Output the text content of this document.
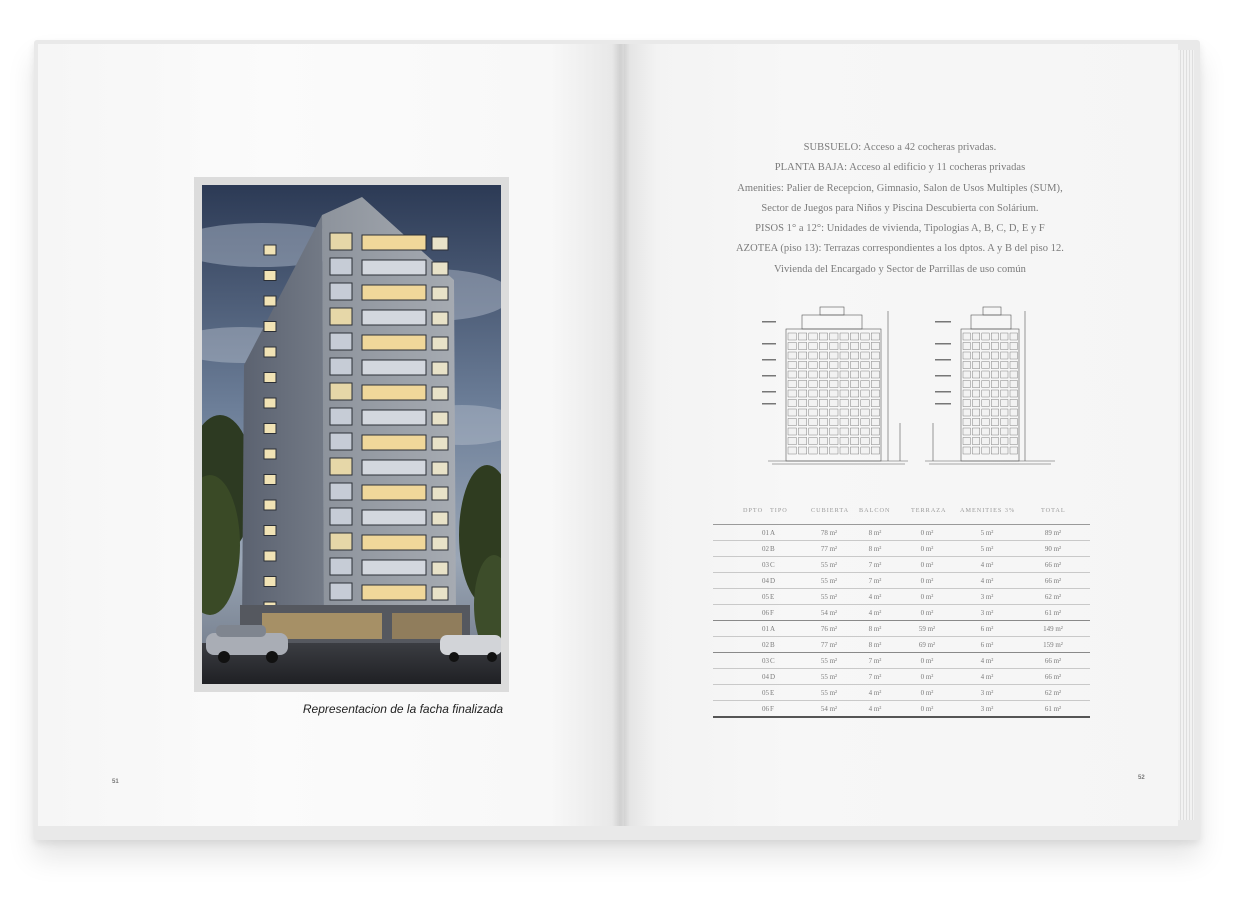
Representacion de la facha finalizada
51
SUBSUELO: Acceso a 42 cocheras privadas.
PLANTA BAJA: Acceso al edificio y 11 cocheras privadas
Amenities: Palier de Recepcion, Gimnasio, Salon de Usos Multiples (SUM),
Sector de Juegos para Niños y Piscina Descubierta con Solárium.
PISOS 1° a 12°: Unidades de vivienda, Tipologias A, B, C, D, E y F
AZOTEA (piso 13): Terrazas correspondientes a los dptos. A y B del piso 12.
Vivienda del Encargado y Sector de Parrillas de uso común
DPTO TIPO	CUBIERTA BALCON	TERRAZA AMENITIES 3%	TOTAL
01 A	78 m²	8 m²	0 m²	5 m²	89 m²
02 B	77 m²	8 m²	0 m²	5 m²	90 m²
03 C	55 m²	7 m²	0 m²	4 m²	66 m²
04 D	55 m²	7 m²	0 m²	4 m²	66 m²
05 E	55 m²	4 m²	0 m²	3 m²	62 m²
06 F	54 m²	4 m²	0 m²	3 m²	61 m²
01 A	76 m²	8 m²	59 m²	6 m²	149 m²
02 B	77 m²	8 m²	69 m²	6 m²	159 m²
03 C	55 m²	7 m²	0 m²	4 m²	66 m²
04 D	55 m²	7 m²	0 m²	4 m²	66 m²
05 E	55 m²	4 m²	0 m²	3 m²	62 m²
06 F	54 m²	4 m²	0 m²	3 m²	61 m²
52
